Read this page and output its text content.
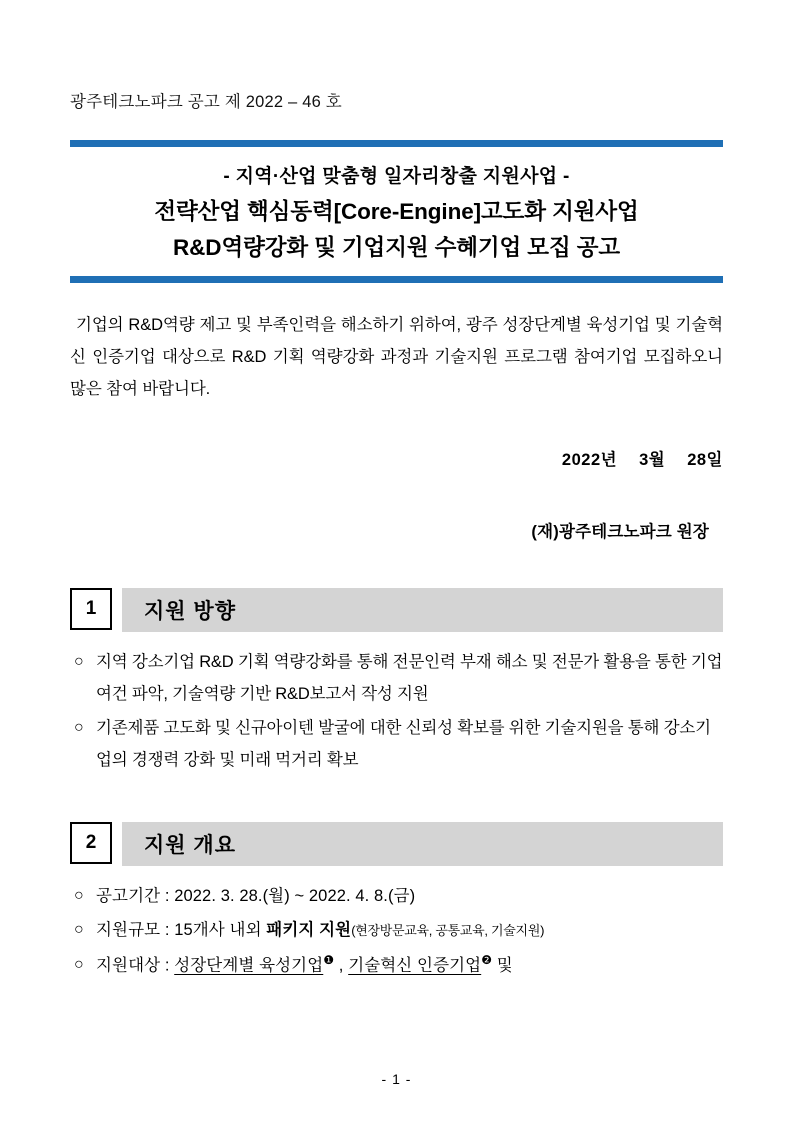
광주테크노파크 공고 제 2022 – 46 호
- 지역·산업 맞춤형 일자리창출 지원사업 -
전략산업 핵심동력[Core-Engine]고도화 지원사업
R&D역량강화 및 기업지원 수혜기업 모집 공고
기업의 R&D역량 제고 및 부족인력을 해소하기 위하여, 광주 성장단계별 육성기업 및 기술혁신 인증기업 대상으로 R&D 기획 역량강화 과정과 기술지원 프로그램 참여기업 모집하오니 많은 참여 바랍니다.
2022년 3월 28일
(재)광주테크노파크 원장
1	지원 방향
○ 지역 강소기업 R&D 기획 역량강화를 통해 전문인력 부재 해소 및 전문가 활용을 통한 기업여건 파악, 기술역량 기반 R&D보고서 작성 지원
○ 기존제품 고도화 및 신규아이텐 발굴에 대한 신뢰성 확보를 위한 기술지원을 통해 강소기업의 경쟁력 강화 및 미래 먹거리 확보
2	지원 개요
○ 공고기간 : 2022. 3. 28.(월) ~ 2022. 4. 8.(금)
○ 지원규모 : 15개사 내외 패키지 지원(현장방문교육, 공통교육, 기술지원)
○ 지원대상 : 성장단계별 육성기업$^❶$ , 기술혁신 인증기업$^❷$ 및
- 1 -
